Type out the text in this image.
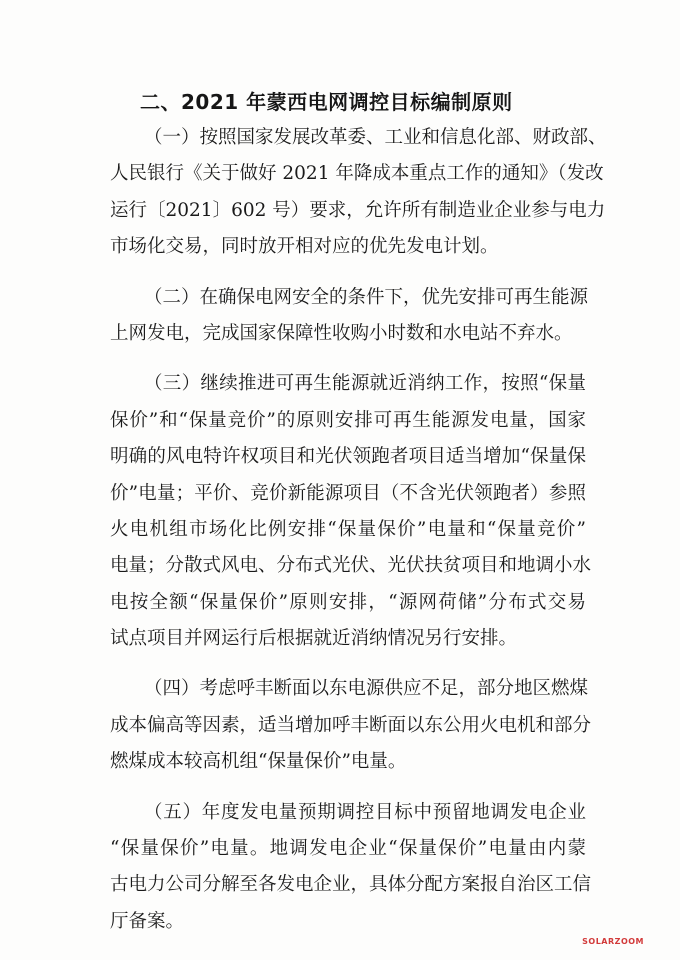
二、2021 年蒙西电网调控目标编制原则
（一）按照国家发展改革委、工业和信息化部、财政部、
人民银行《关于做好 2021 年降成本重点工作的通知》（发改
运行〔2021〕602 号）要求，允许所有制造业企业参与电力
市场化交易，同时放开相对应的优先发电计划。
（二）在确保电网安全的条件下，优先安排可再生能源
上网发电，完成国家保障性收购小时数和水电站不弃水。
（三）继续推进可再生能源就近消纳工作，按照“保量
保价”和“保量竞价”的原则安排可再生能源发电量，国家
明确的风电特许权项目和光伏领跑者项目适当增加“保量保
价”电量；平价、竞价新能源项目（不含光伏领跑者）参照
火电机组市场化比例安排“保量保价”电量和“保量竞价”
电量；分散式风电、分布式光伏、光伏扶贫项目和地调小水
电按全额“保量保价”原则安排，“源网荷储”分布式交易
试点项目并网运行后根据就近消纳情况另行安排。
（四）考虑呼丰断面以东电源供应不足，部分地区燃煤
成本偏高等因素，适当增加呼丰断面以东公用火电机和部分
燃煤成本较高机组“保量保价”电量。
（五）年度发电量预期调控目标中预留地调发电企业
“保量保价”电量。地调发电企业“保量保价”电量由内蒙
古电力公司分解至各发电企业，具体分配方案报自治区工信
厅备案。
SOLARZOOM
